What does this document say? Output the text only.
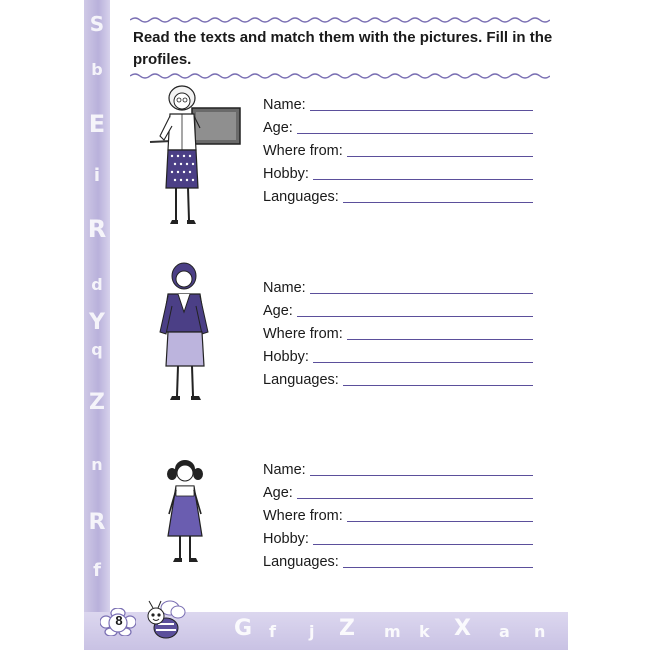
S
b
E
i
R
d
Y
q
Z
n
R
f
G f j Z m k X a n
Read the texts and match them with the pictures. Fill in the profiles.
Name:
Age:
Where from:
Hobby:
Languages:
Name:
Age:
Where from:
Hobby:
Languages:
Name:
Age:
Where from:
Hobby:
Languages:
8
